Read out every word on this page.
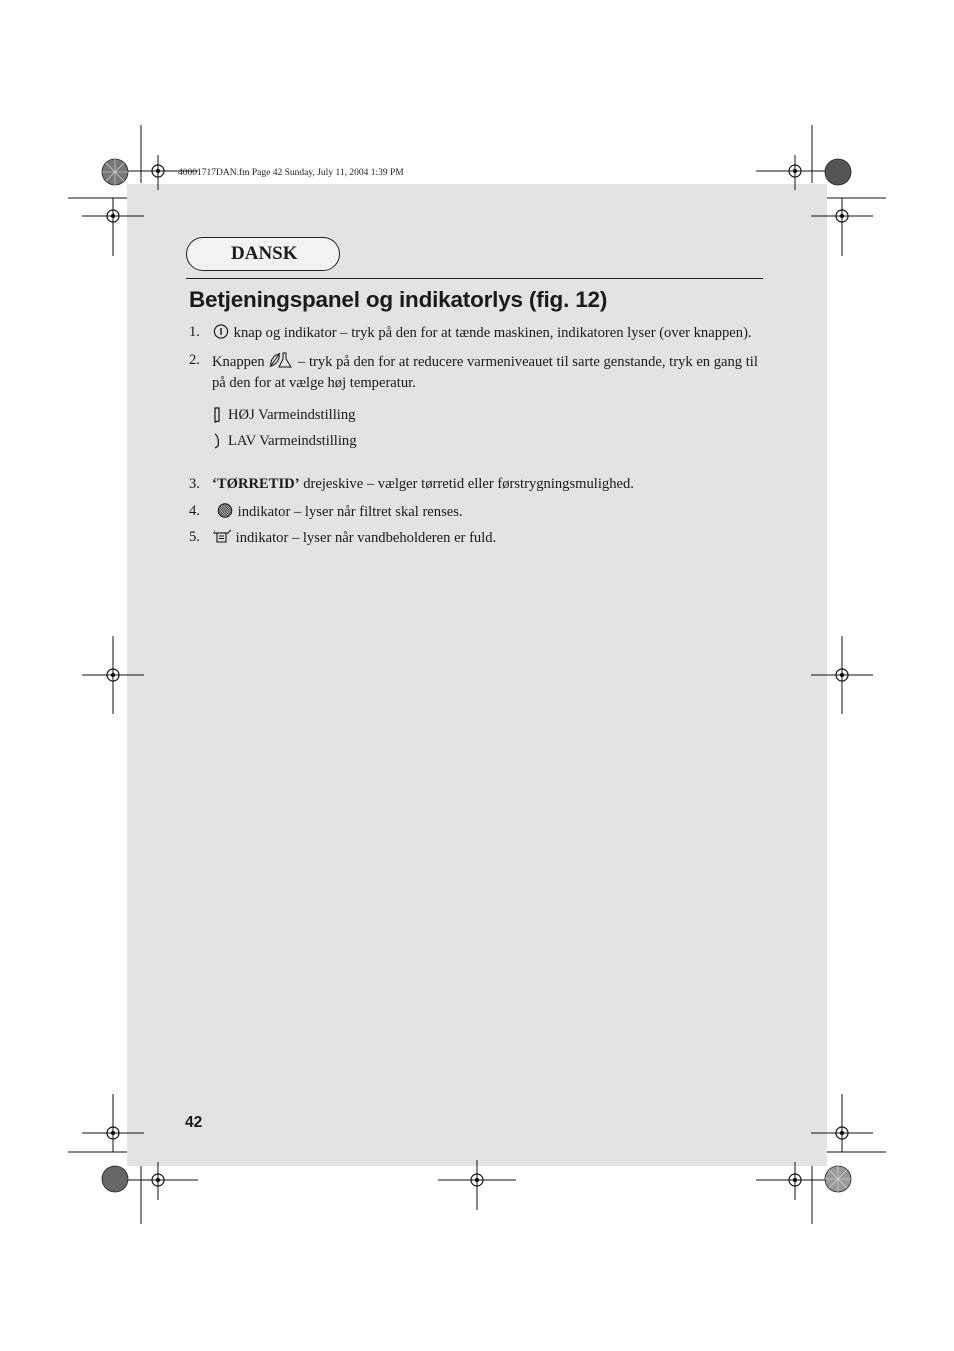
40001717DAN.fm Page 42 Sunday, July 11, 2004 1:39 PM
DANSK
Betjeningspanel og indikatorlys (fig. 12)
1. knap og indikator – tryk på den for at tænde maskinen, indikatoren lyser (over knappen).
2. Knappen  – tryk på den for at reducere varmeniveauet til sarte genstande, tryk en gang til på den for at vælge høj temperatur.
HØJ Varmeindstilling
LAV Varmeindstilling
3. ‘TØRRETID’ drejeskive – vælger tørretid eller førstrygningsmulighed.
4. indikator – lyser når filtret skal renses.
5. indikator – lyser når vandbeholderen er fuld.
42
